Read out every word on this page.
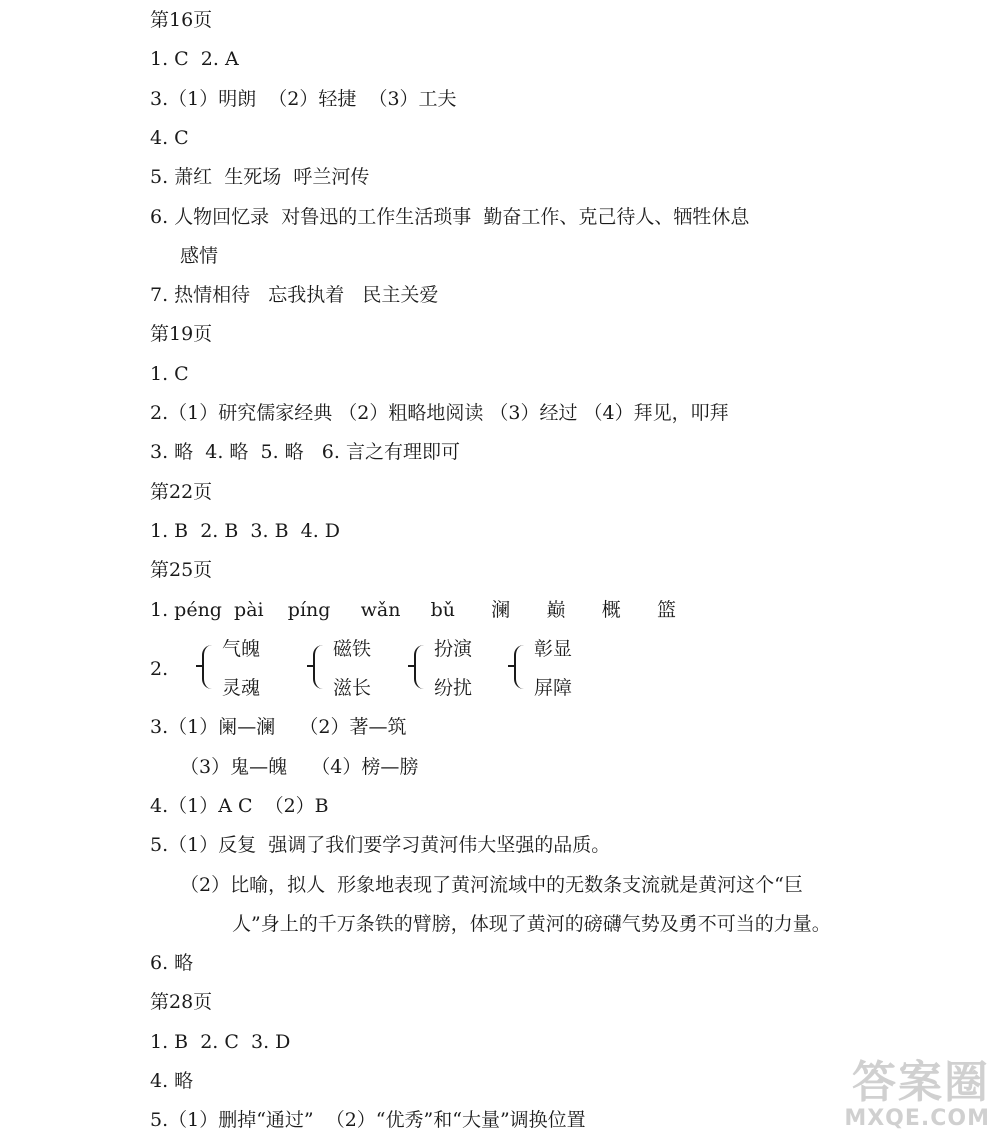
第16页
1. C  2. A
3.（1）明朗  （2）轻捷  （3）工夫
4. C
5. 萧红  生死场  呼兰河传
6. 人物回忆录  对鲁迅的工作生活琐事  勤奋工作、克己待人、牺牲休息
感情
7. 热情相待   忘我执着   民主关爱
第19页
1. C
2.（1）研究儒家经典 （2）粗略地阅读 （3）经过 （4）拜见，叩拜
3. 略  4. 略  5. 略   6. 言之有理即可
第22页
1. B  2. B  3. B  4. D
第25页
1. péng  pài    píng     wǎn     bǔ      澜      巅      概      篮
2.
气魄
灵魂
磁铁
滋长
扮演
纷扰
彰显
屏障
3.（1）阑—澜    （2）著—筑
（3）鬼—魄    （4）榜—膀
4.（1）A C  （2）B
5.（1）反复  强调了我们要学习黄河伟大坚强的品质。
（2）比喻，拟人  形象地表现了黄河流域中的无数条支流就是黄河这个“巨
人”身上的千万条铁的臂膀，体现了黄河的磅礴气势及勇不可当的力量。
6. 略
第28页
1. B  2. C  3. D
4. 略
5.（1）删掉“通过”  （2）“优秀”和“大量”调换位置
答案圈
MXQE.COM
